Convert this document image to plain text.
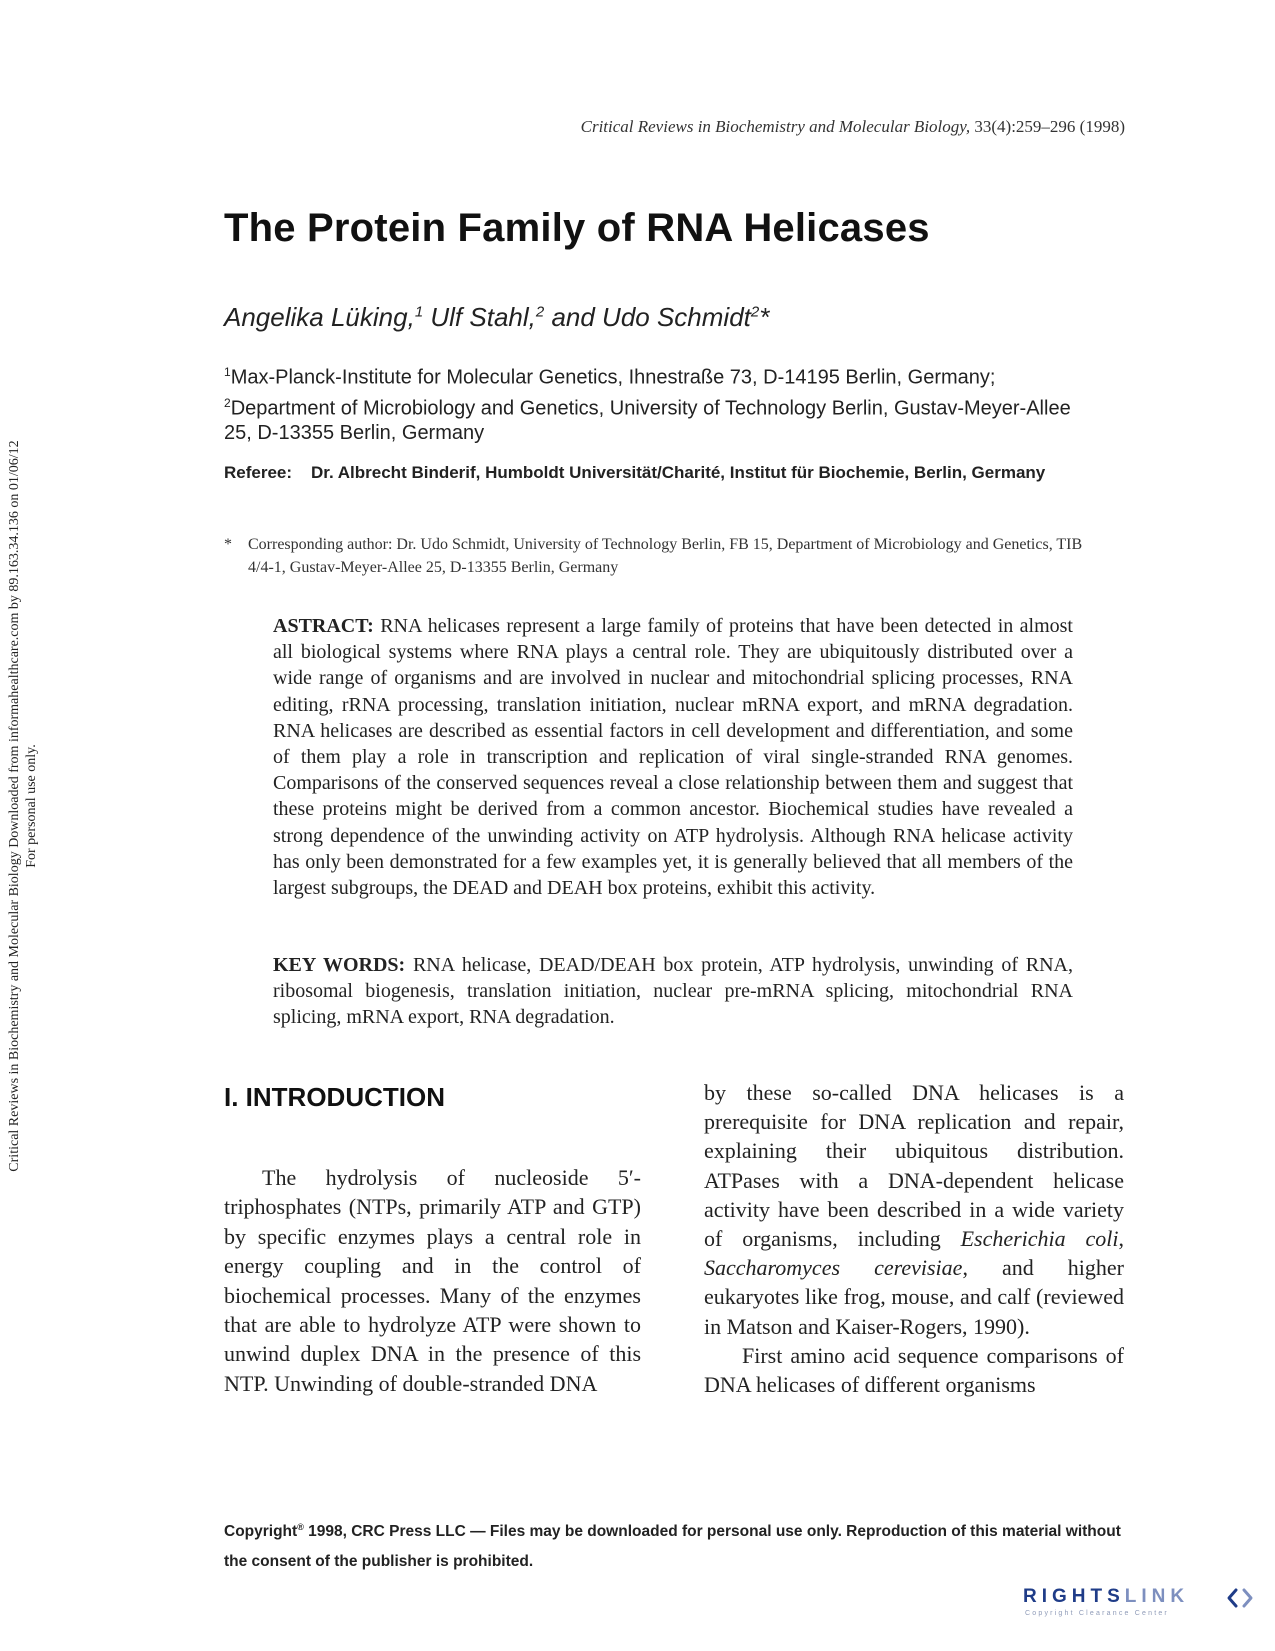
Critical Reviews in Biochemistry and Molecular Biology, 33(4):259–296 (1998)
Critical Reviews in Biochemistry and Molecular Biology Downloaded from informahealthcare.com by 89.163.34.136 on 01/06/12 For personal use only.
The Protein Family of RNA Helicases
Angelika Lüking,$^1$ Ulf Stahl,$^2$ and Udo Schmidt$^2$*
$^1$Max-Planck-Institute for Molecular Genetics, Ihnestraße 73, D-14195 Berlin, Germany;
$^2$Department of Microbiology and Genetics, University of Technology Berlin, Gustav-Meyer-Allee 25, D-13355 Berlin, Germany
Referee:	Dr. Albrecht Binderif, Humboldt Universität/Charité, Institut für Biochemie, Berlin, Germany
*	Corresponding author: Dr. Udo Schmidt, University of Technology Berlin, FB 15, Department of Microbiology and Genetics, TIB 4/4-1, Gustav-Meyer-Allee 25, D-13355 Berlin, Germany
ASTRACT: RNA helicases represent a large family of proteins that have been detected in almost all biological systems where RNA plays a central role. They are ubiquitously distributed over a wide range of organisms and are involved in nuclear and mitochondrial splicing processes, RNA editing, rRNA processing, translation initiation, nuclear mRNA export, and mRNA degradation. RNA helicases are described as essential factors in cell development and differentiation, and some of them play a role in transcription and replication of viral single-stranded RNA genomes. Comparisons of the conserved sequences reveal a close relationship between them and suggest that these proteins might be derived from a common ancestor. Biochemical studies have revealed a strong dependence of the unwinding activity on ATP hydrolysis. Although RNA helicase activity has only been demonstrated for a few examples yet, it is generally believed that all members of the largest subgroups, the DEAD and DEAH box proteins, exhibit this activity.
KEY WORDS: RNA helicase, DEAD/DEAH box protein, ATP hydrolysis, unwinding of RNA, ribosomal biogenesis, translation initiation, nuclear pre-mRNA splicing, mitochondrial RNA splicing, mRNA export, RNA degradation.
I. INTRODUCTION

The hydrolysis of nucleoside 5′-triphosphates (NTPs, primarily ATP and GTP) by specific enzymes plays a central role in energy coupling and in the control of biochemical processes. Many of the enzymes that are able to hydrolyze ATP were shown to unwind duplex DNA in the presence of this NTP. Unwinding of double-stranded DNA

by these so-called DNA helicases is a prerequisite for DNA replication and repair, explaining their ubiquitous distribution. ATPases with a DNA-dependent helicase activity have been described in a wide variety of organisms, including Escherichia coli, Saccharomyces cerevisiae, and higher eukaryotes like frog, mouse, and calf (reviewed in Matson and Kaiser-Rogers, 1990).

First amino acid sequence comparisons of DNA helicases of different organisms

Copyright® 1998, CRC Press LLC — Files may be downloaded for personal use only. Reproduction of this material without the consent of the publisher is prohibited.
RIGHTSLINK
Copyright Clearance Center
